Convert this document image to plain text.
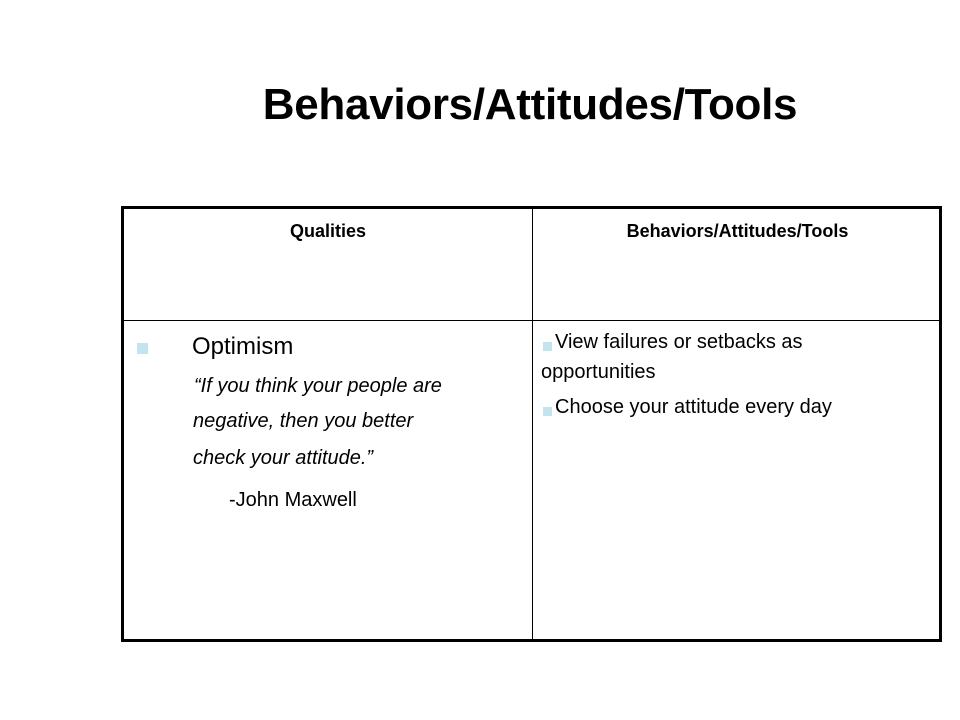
Behaviors/Attitudes/Tools
Qualities	Behaviors/Attitudes/Tools
Optimism
“If you think your people are
negative, then you better
check your attitude.”
-John Maxwell
View failures or setbacks as
opportunities
Choose your attitude every day
